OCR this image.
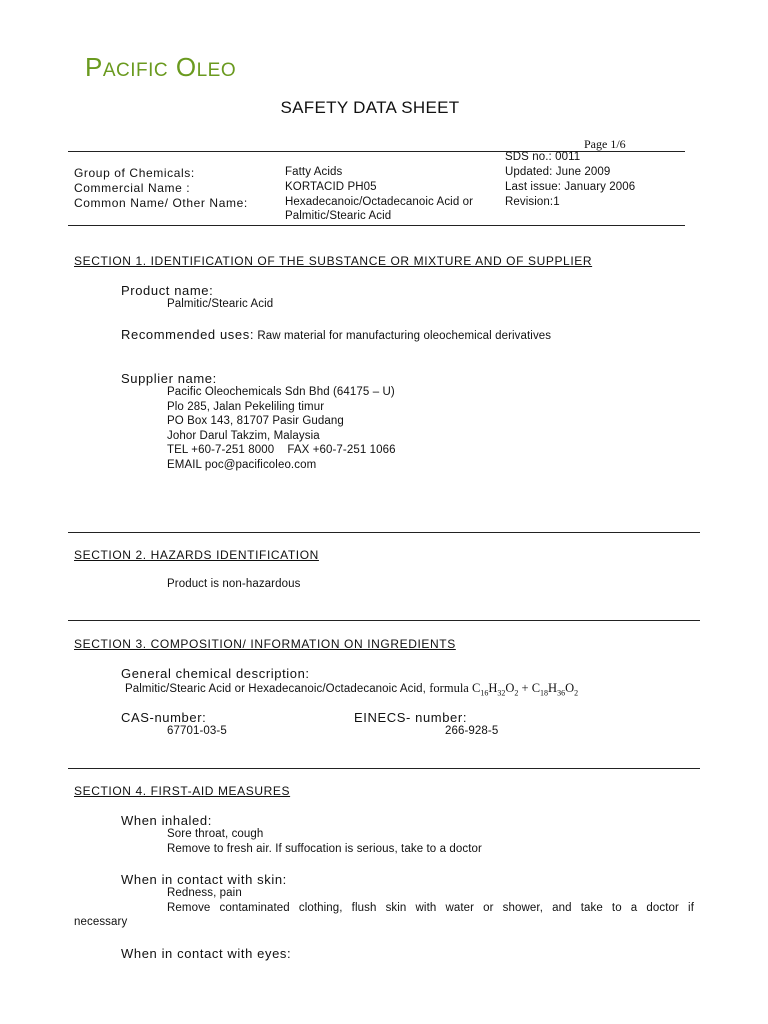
PACIFIC OLEO
SAFETY DATA SHEET
Page 1/6
SDS no.: 0011
Group of Chemicals:	Fatty Acids	Updated: June 2009
Commercial Name :	KORTACID PH05	Last issue: January 2006
Common Name/ Other Name:	Hexadecanoic/Octadecanoic Acid or	Revision:1
Palmitic/Stearic Acid
SECTION 1. IDENTIFICATION OF THE SUBSTANCE OR MIXTURE AND OF SUPPLIER
Product name:
Palmitic/Stearic Acid
Recommended uses: Raw material for manufacturing oleochemical derivatives
Supplier name:
Pacific Oleochemicals Sdn Bhd (64175 – U)
Plo 285, Jalan Pekeliling timur
PO Box 143, 81707 Pasir Gudang
Johor Darul Takzim, Malaysia
TEL +60-7-251 8000    FAX +60-7-251 1066
EMAIL poc@pacificoleo.com
SECTION 2. HAZARDS IDENTIFICATION
Product is non-hazardous
SECTION 3. COMPOSITION/ INFORMATION ON INGREDIENTS
General chemical description:
Palmitic/Stearic Acid or Hexadecanoic/Octadecanoic Acid, formula $C_{16}H_{32}O_2 + C_{18}H_{36}O_2$
CAS-number:	EINECS- number:
67701-03-5	266-928-5
SECTION 4. FIRST-AID MEASURES
When inhaled:
Sore throat, cough
Remove to fresh air. If suffocation is serious, take to a doctor
When in contact with skin:
Redness, pain
Remove contaminated clothing, flush skin with water or shower, and take to a doctor if
necessary
When in contact with eyes:
